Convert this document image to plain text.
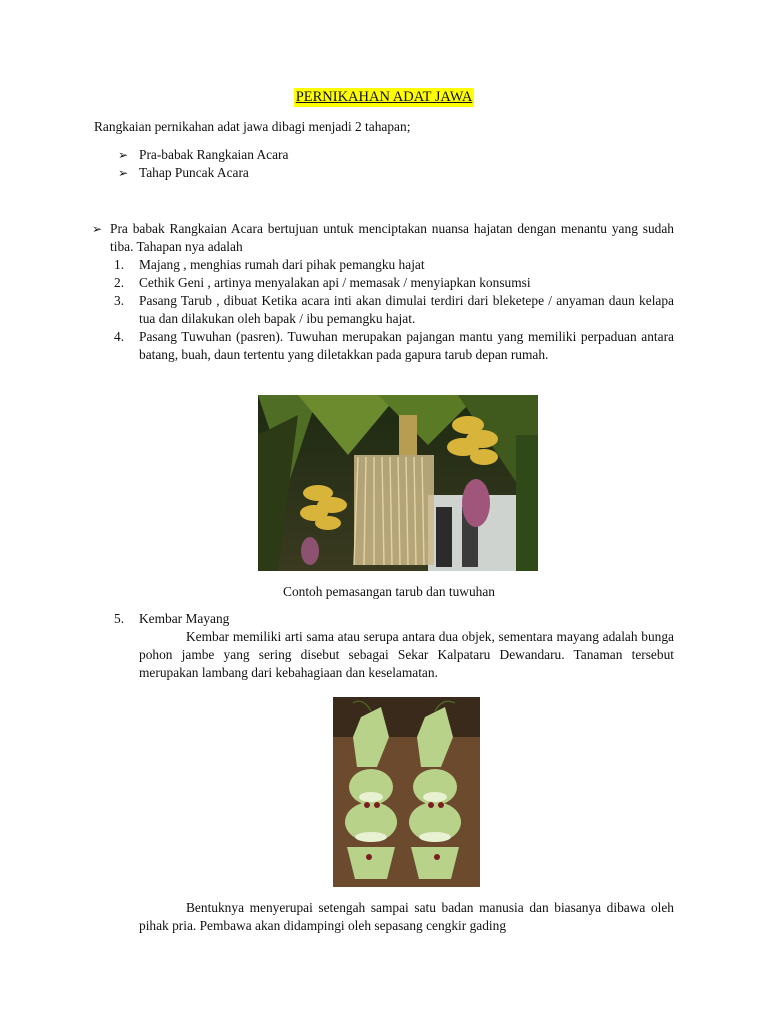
PERNIKAHAN ADAT JAWA
Rangkaian pernikahan adat jawa dibagi menjadi 2 tahapan;
➢ Pra-babak Rangkaian Acara
➢ Tahap Puncak Acara
➢ Pra babak Rangkaian Acara bertujuan untuk menciptakan nuansa hajatan dengan menantu yang sudah tiba. Tahapan nya adalah
1. Majang , menghias rumah dari pihak pemangku hajat
2. Cethik Geni , artinya menyalakan api / memasak / menyiapkan konsumsi
3. Pasang Tarub , dibuat Ketika acara inti akan dimulai terdiri dari bleketepe / anyaman daun kelapa tua dan dilakukan oleh bapak / ibu pemangku hajat.
4. Pasang Tuwuhan (pasren). Tuwuhan merupakan pajangan mantu yang memiliki perpaduan antara batang, buah, daun tertentu yang diletakkan pada gapura tarub depan rumah.
Contoh pemasangan tarub dan tuwuhan
5. Kembar Mayang
Kembar memiliki arti sama atau serupa antara dua objek, sementara mayang adalah bunga pohon jambe yang sering disebut sebagai Sekar Kalpataru Dewandaru. Tanaman tersebut merupakan lambang dari kebahagiaan dan keselamatan.
Bentuknya menyerupai setengah sampai satu badan manusia dan biasanya dibawa oleh pihak pria. Pembawa akan didampingi oleh sepasang cengkir gading
